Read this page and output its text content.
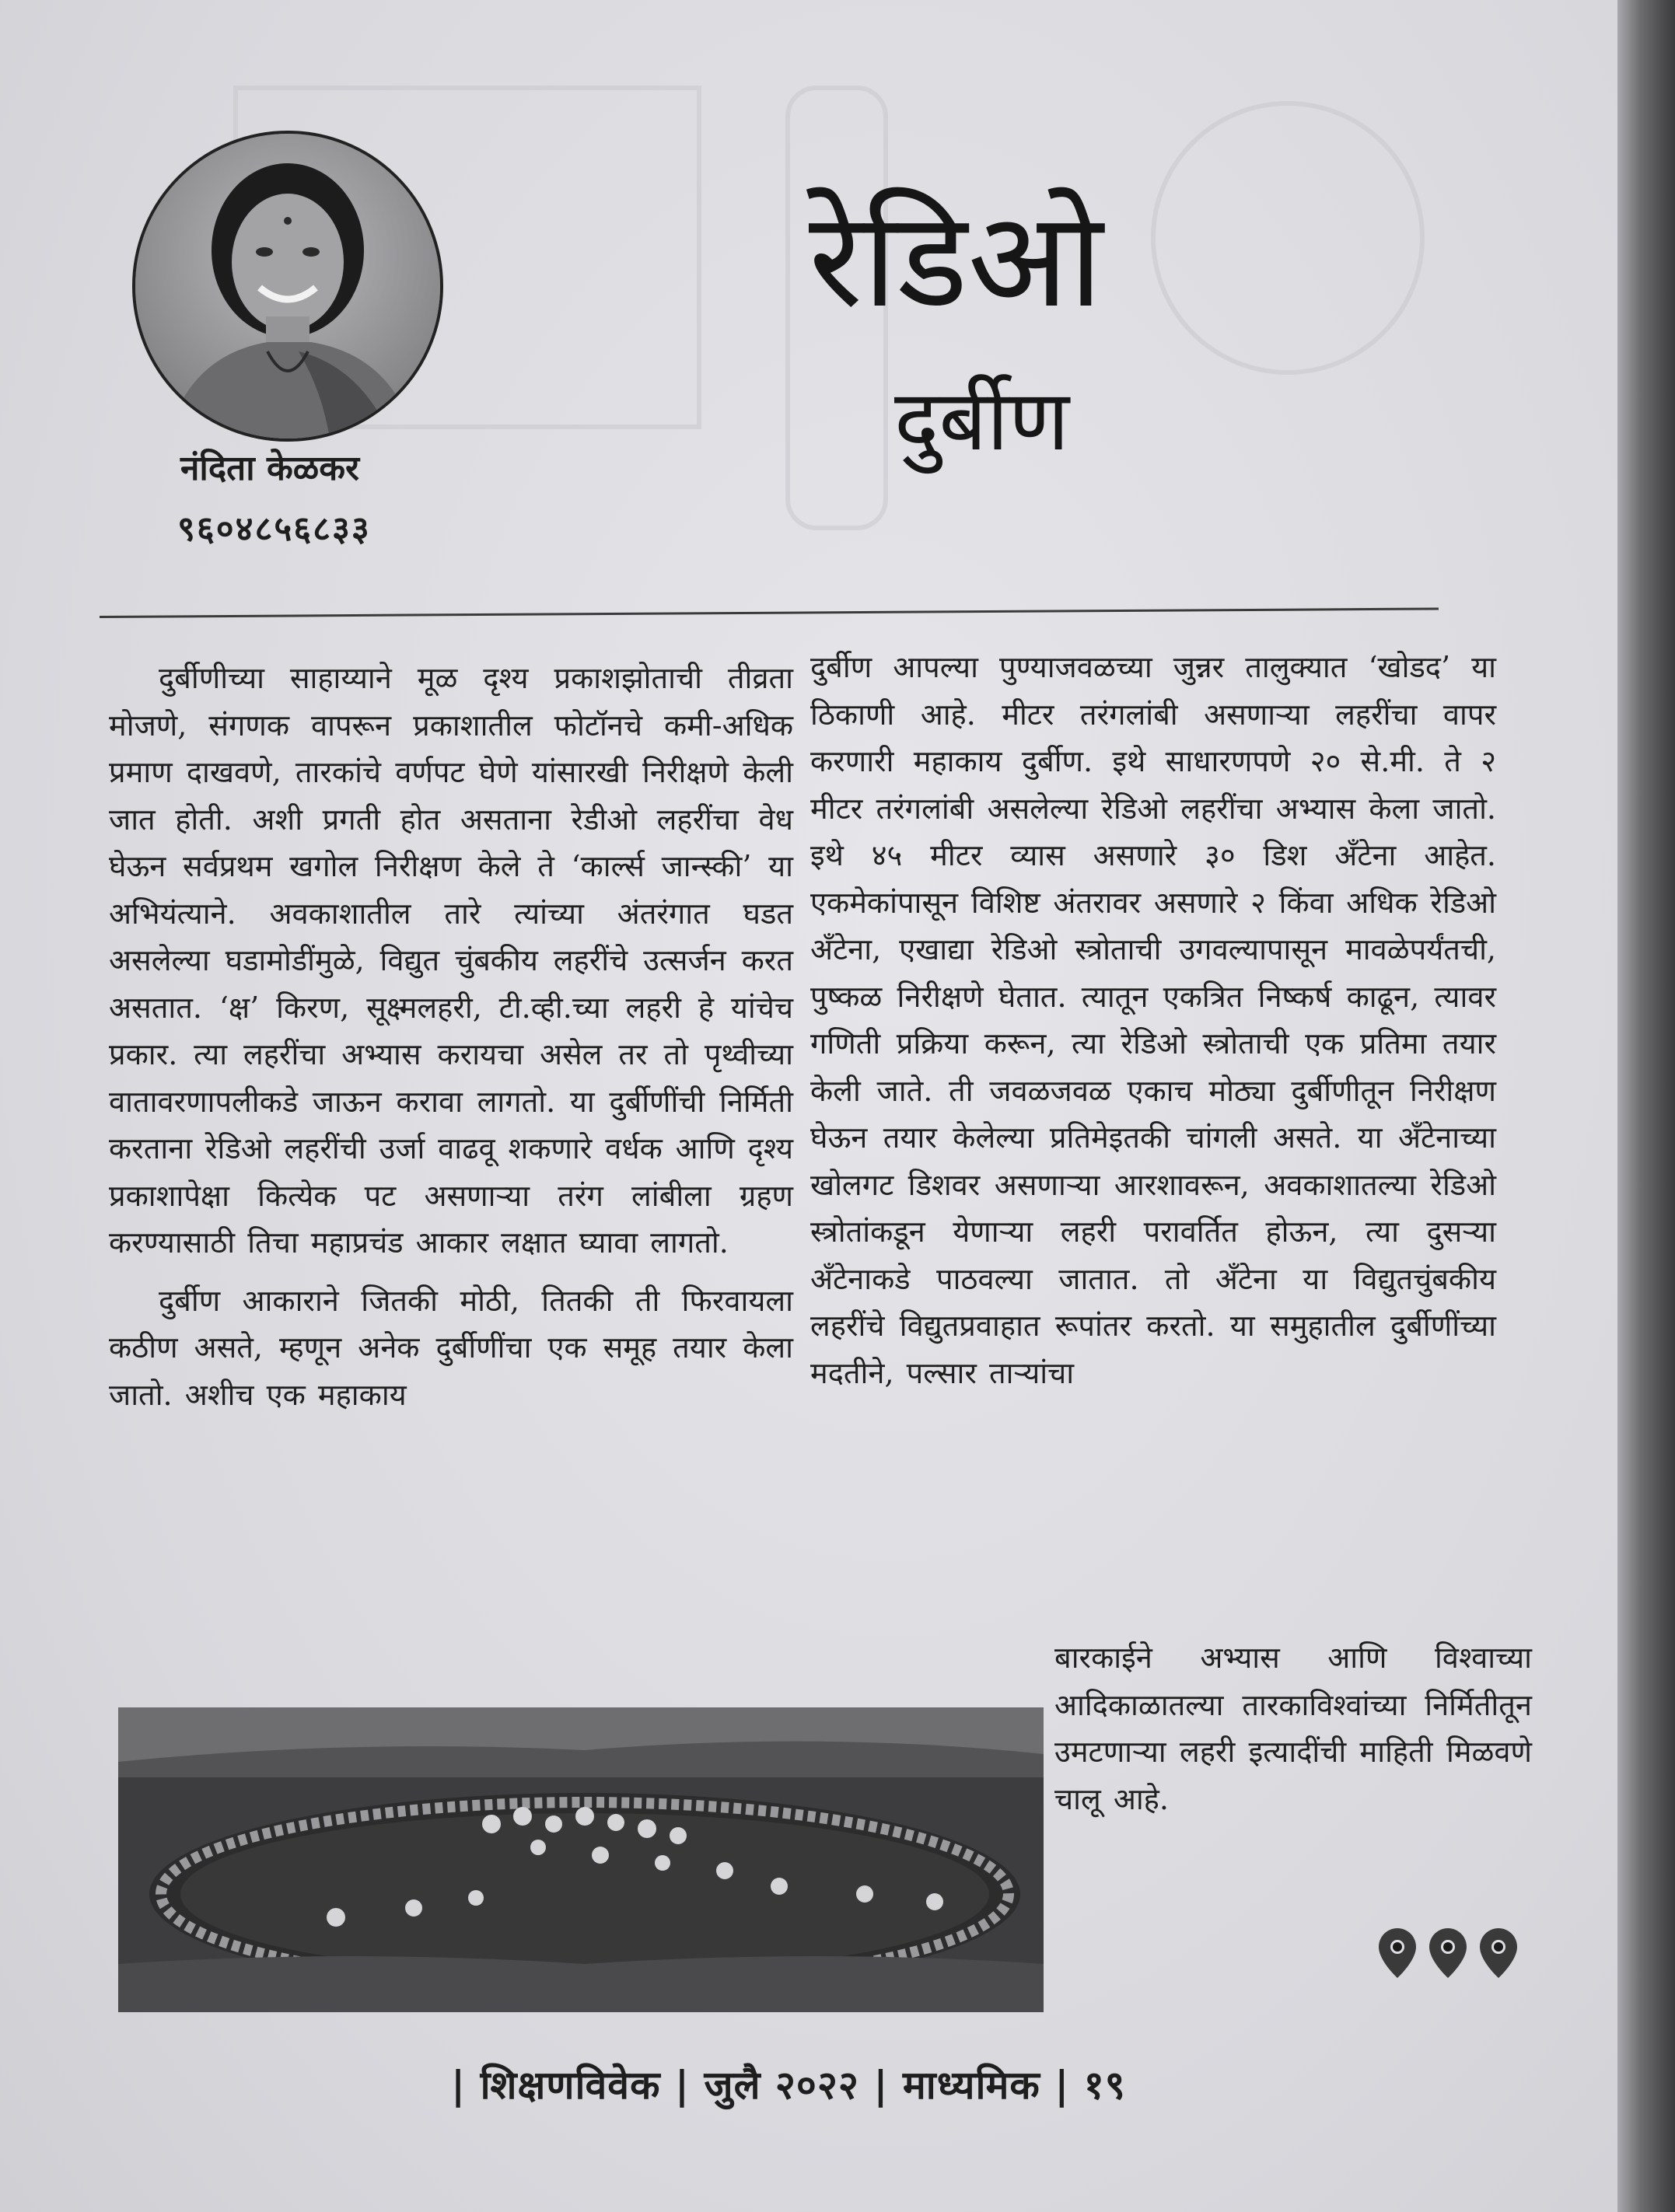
नंदिता केळकर
९६०४८५६८३३
रेडिओ
दुर्बीण

दुर्बीणीच्या साहाय्याने मूळ दृश्य प्रकाशझोताची तीव्रता मोजणे, संगणक वापरून प्रकाशातील फोटॉनचे कमी-अधिक प्रमाण दाखवणे, तारकांचे वर्णपट घेणे यांसारखी निरीक्षणे केली जात होती. अशी प्रगती होत असताना रेडीओ लहरींचा वेध घेऊन सर्वप्रथम खगोल निरीक्षण केले ते ‘कार्ल्स जान्स्की’ या अभियंत्याने. अवकाशातील तारे त्यांच्या अंतरंगात घडत असलेल्या घडामोडींमुळे, विद्युत चुंबकीय लहरींचे उत्सर्जन करत असतात. ‘क्ष’ किरण, सूक्ष्मलहरी, टी.व्ही.च्या लहरी हे यांचेच प्रकार. त्या लहरींचा अभ्यास करायचा असेल तर तो पृथ्वीच्या वातावरणापलीकडे जाऊन करावा लागतो. या दुर्बीणींची निर्मिती करताना रेडिओ लहरींची उर्जा वाढवू शकणारे वर्धक आणि दृश्य प्रकाशापेक्षा कित्येक पट असणाऱ्या तरंग लांबीला ग्रहण करण्यासाठी तिचा महाप्रचंड आकार लक्षात घ्यावा लागतो.

दुर्बीण आकाराने जितकी मोठी, तितकी ती फिरवायला कठीण असते, म्हणून अनेक दुर्बीणींचा एक समूह तयार केला जातो. अशीच एक महाकाय

दुर्बीण आपल्या पुण्याजवळच्या जुन्नर तालुक्यात ‘खोडद’ या ठिकाणी आहे. मीटर तरंगलांबी असणाऱ्या लहरींचा वापर करणारी महाकाय दुर्बीण. इथे साधारणपणे २० से.मी. ते २ मीटर तरंगलांबी असलेल्या रेडिओ लहरींचा अभ्यास केला जातो. इथे ४५ मीटर व्यास असणारे ३० डिश अँटेना आहेत. एकमेकांपासून विशिष्ट अंतरावर असणारे २ किंवा अधिक रेडिओ अँटेना, एखाद्या रेडिओ स्त्रोताची उगवल्यापासून मावळेपर्यंतची, पुष्कळ निरीक्षणे घेतात. त्यातून एकत्रित निष्कर्ष काढून, त्यावर गणिती प्रक्रिया करून, त्या रेडिओ स्त्रोताची एक प्रतिमा तयार केली जाते. ती जवळजवळ एकाच मोठ्या दुर्बीणीतून निरीक्षण घेऊन तयार केलेल्या प्रतिमेइतकी चांगली असते. या अँटेनाच्या खोलगट डिशवर असणाऱ्या आरशावरून, अवकाशातल्या रेडिओ स्त्रोतांकडून येणाऱ्या लहरी परावर्तित होऊन, त्या दुसऱ्या अँटेनाकडे पाठवल्या जातात. तो अँटेना या विद्युतचुंबकीय लहरींचे विद्युतप्रवाहात रूपांतर करतो. या समुहातील दुर्बीणींच्या मदतीने, पल्सार ताऱ्यांचा

बारकाईने अभ्यास आणि विश्वाच्या आदिकाळातल्या तारकाविश्वांच्या निर्मितीतून उमटणाऱ्या लहरी इत्यादींची माहिती मिळवणे चालू आहे.

| शिक्षणविवेक | जुलै २०२२ | माध्यमिक | १९
